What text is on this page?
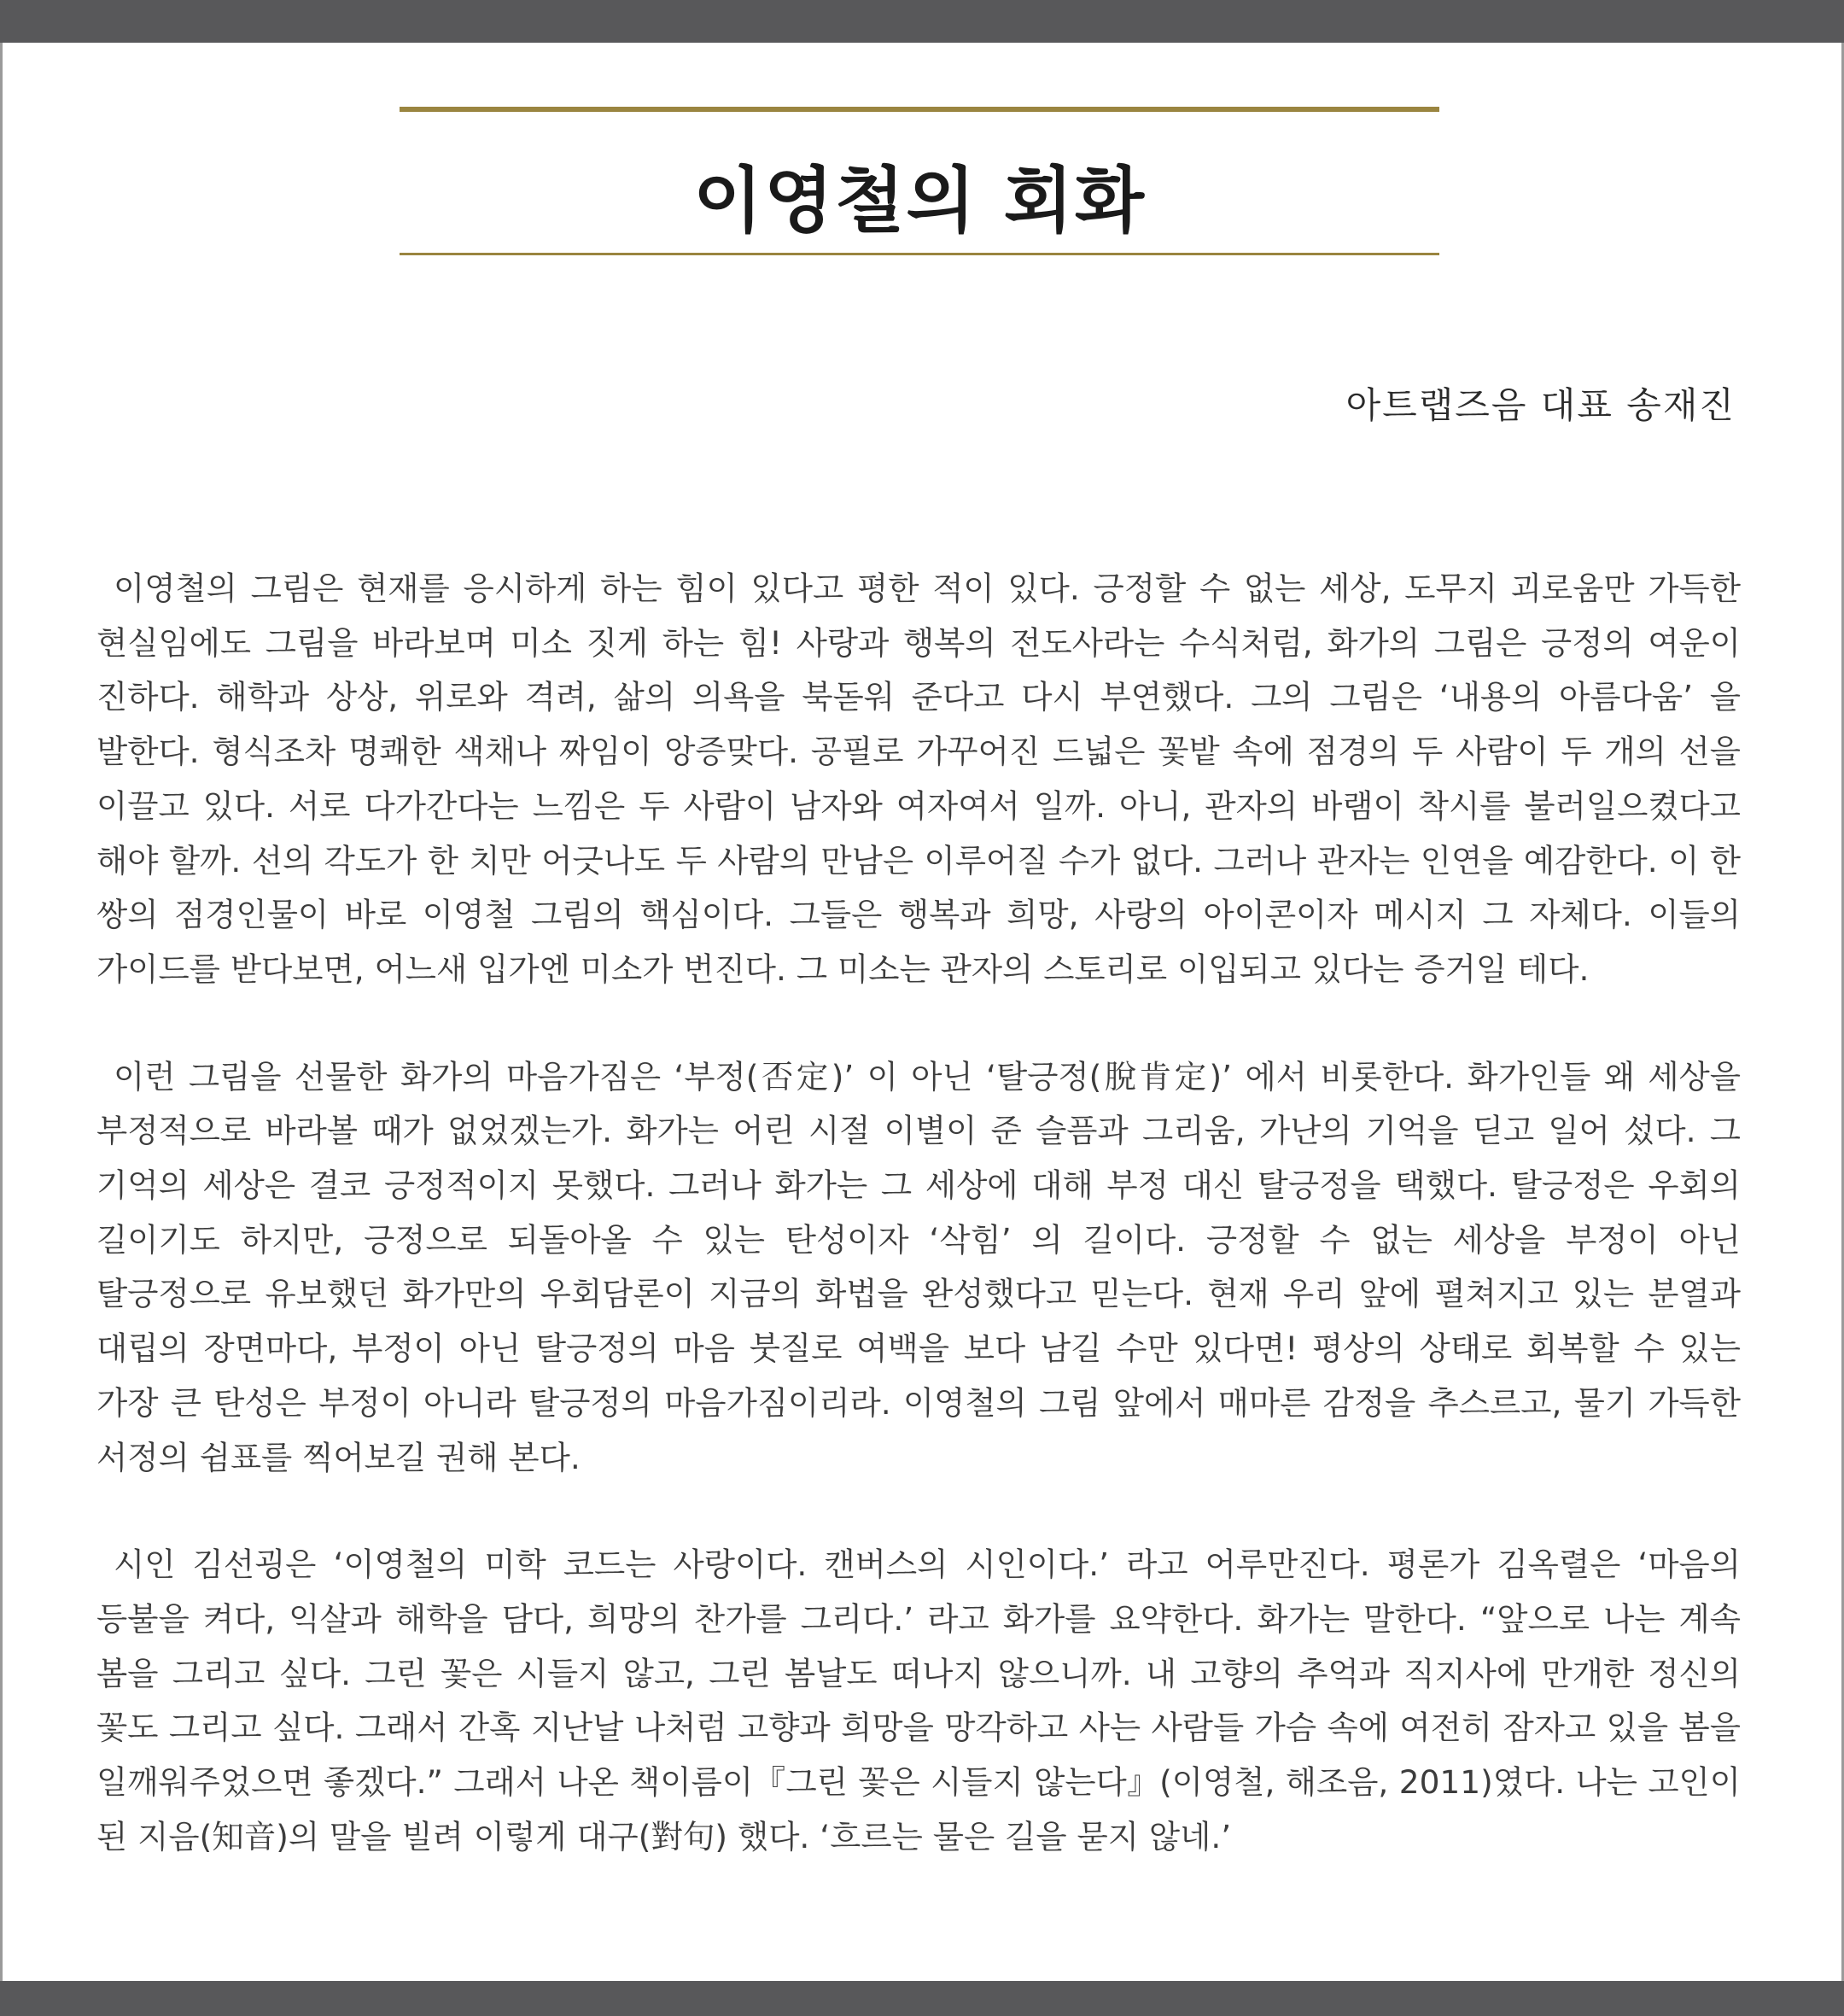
이영철의 회화

아트랩즈음 대표 송재진

이영철의 그림은 현재를 응시하게 하는 힘이 있다고 평한 적이 있다. 긍정할 수 없는 세상, 도무지 괴로움만 가득한 현실임에도 그림을 바라보며 미소 짓게 하는 힘! 사랑과 행복의 전도사라는 수식처럼, 화가의 그림은 긍정의 여운이 진하다. 해학과 상상, 위로와 격려, 삶의 의욕을 북돋워 준다고 다시 부연했다. 그의 그림은 ‘내용의 아름다움’ 을 발한다. 형식조차 명쾌한 색채나 짜임이 앙증맞다. 공필로 가꾸어진 드넓은 꽃밭 속에 점경의 두 사람이 두 개의 선을 이끌고 있다. 서로 다가간다는 느낌은 두 사람이 남자와 여자여서 일까. 아니, 관자의 바램이 착시를 불러일으켰다고 해야 할까. 선의 각도가 한 치만 어긋나도 두 사람의 만남은 이루어질 수가 없다. 그러나 관자는 인연을 예감한다. 이 한 쌍의 점경인물이 바로 이영철 그림의 핵심이다. 그들은 행복과 희망, 사랑의 아이콘이자 메시지 그 자체다. 이들의 가이드를 받다보면, 어느새 입가엔 미소가 번진다. 그 미소는 관자의 스토리로 이입되고 있다는 증거일 테다.

이런 그림을 선물한 화가의 마음가짐은 ‘부정(否定)’ 이 아닌 ‘탈긍정(脫肯定)’ 에서 비롯한다. 화가인들 왜 세상을 부정적으로 바라볼 때가 없었겠는가. 화가는 어린 시절 이별이 준 슬픔과 그리움, 가난의 기억을 딛고 일어 섰다. 그 기억의 세상은 결코 긍정적이지 못했다. 그러나 화가는 그 세상에 대해 부정 대신 탈긍정을 택했다. 탈긍정은 우회의 길이기도 하지만, 긍정으로 되돌아올 수 있는 탄성이자 ‘삭힘’ 의 길이다. 긍정할 수 없는 세상을 부정이 아닌 탈긍정으로 유보했던 화가만의 우회담론이 지금의 화법을 완성했다고 믿는다. 현재 우리 앞에 펼쳐지고 있는 분열과 대립의 장면마다, 부정이 아닌 탈긍정의 마음 붓질로 여백을 보다 남길 수만 있다면! 평상의 상태로 회복할 수 있는 가장 큰 탄성은 부정이 아니라 탈긍정의 마음가짐이리라. 이영철의 그림 앞에서 매마른 감정을 추스르고, 물기 가득한 서정의 쉼표를 찍어보길 권해 본다.

시인 김선굉은 ‘이영철의 미학 코드는 사랑이다. 캔버스의 시인이다.’ 라고 어루만진다. 평론가 김옥렬은 ‘마음의 등불을 켜다, 익살과 해학을 담다, 희망의 찬가를 그리다.’ 라고 화가를 요약한다. 화가는 말한다. “앞으로 나는 계속 봄을 그리고 싶다. 그린 꽃은 시들지 않고, 그린 봄날도 떠나지 않으니까. 내 고향의 추억과 직지사에 만개한 정신의 꽃도 그리고 싶다. 그래서 간혹 지난날 나처럼 고향과 희망을 망각하고 사는 사람들 가슴 속에 여전히 잠자고 있을 봄을 일깨워주었으면 좋겠다.” 그래서 나온 책이름이『그린 꽃은 시들지 않는다』(이영철, 해조음, 2011)였다. 나는 고인이 된 지음(知音)의 말을 빌려 이렇게 대구(對句) 했다. ‘흐르는 물은 길을 묻지 않네.’
